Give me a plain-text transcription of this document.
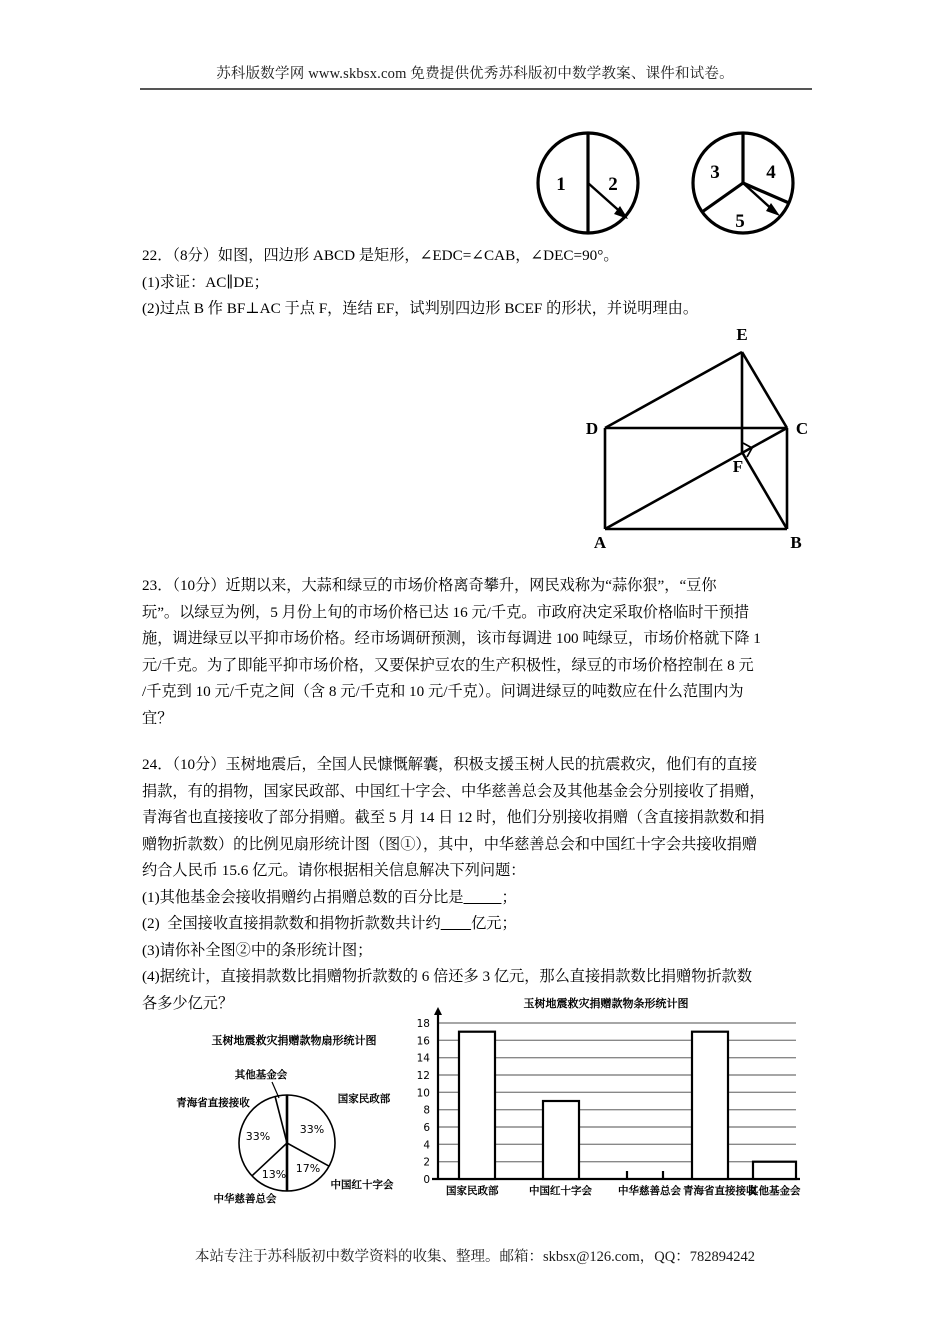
苏科版数学网 www.skbsx.com 免费提供优秀苏科版初中数学教案、课件和试卷。
1 2
3 4
5
22．（8分）如图，四边形 ABCD 是矩形，∠EDC=∠CAB，∠DEC=90°。
(1)求证：AC∥DE；
(2)过点 B 作 BF⊥AC 于点 F，连结 EF，试判别四边形 BCEF 的形状，并说明理由。
E
D	C
F
A	B
23．（10分）近期以来，大蒜和绿豆的市场价格离奇攀升，网民戏称为“蒜你狠”，“豆你
玩”。以绿豆为例，5 月份上旬的市场价格已达 16 元/千克。市政府决定采取价格临时干预措
施，调进绿豆以平抑市场价格。经市场调研预测，该市每调进 100 吨绿豆，市场价格就下降 1
元/千克。为了即能平抑市场价格，又要保护豆农的生产积极性，绿豆的市场价格控制在 8 元
/千克到 10 元/千克之间（含 8 元/千克和 10 元/千克）。问调进绿豆的吨数应在什么范围内为
宜？
24．（10分）玉树地震后，全国人民慷慨解囊，积极支援玉树人民的抗震救灾，他们有的直接
捐款，有的捐物，国家民政部、中国红十字会、中华慈善总会及其他基金会分别接收了捐赠，
青海省也直接接收了部分捐赠。截至 5 月 14 日 12 时，他们分别接收捐赠（含直接捐款数和捐
赠物折款数）的比例见扇形统计图（图①），其中，中华慈善总会和中国红十字会共接收捐赠
约合人民币 15.6 亿元。请你根据相关信息解决下列问题：
(1)其他基金会接收捐赠约占捐赠总数的百分比是 ；
(2)  全国接收直接捐款数和捐物折款数共计约 亿元；
(3)请你补全图②中的条形统计图；
(4)据统计，直接捐款数比捐赠物折款数的 6 倍还多 3 亿元，那么直接捐款数比捐赠物折款数
各多少亿元？
玉树地震救灾捐赠款物扇形统计图
33%
17%
13%
33%
其他基金会
青海省直接接收	国家民政部
中国红十字会
中华慈善总会
玉树地震救灾捐赠款物条形统计图
0
2
4
6
8
10
12
14
16
18
国家民政部	中国红十字会 中华慈善总会 青海省直接接收
其他基金会
本站专注于苏科版初中数学资料的收集、整理。邮箱：skbsx@126.com，QQ：782894242
